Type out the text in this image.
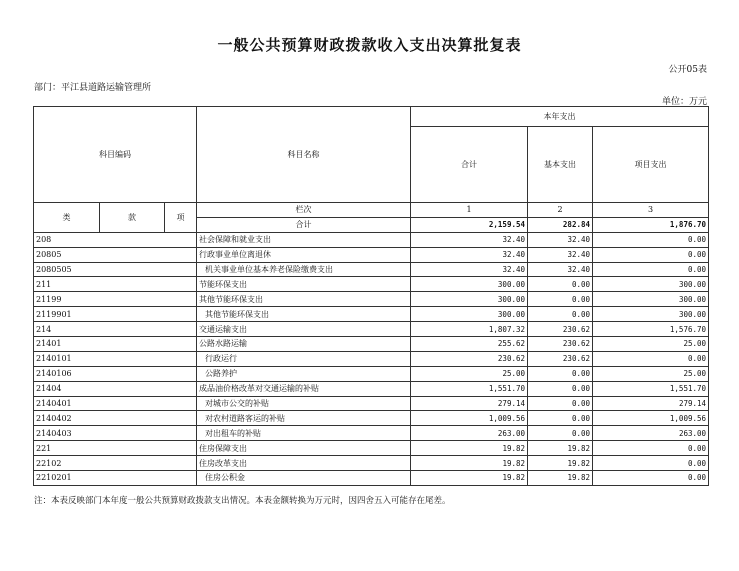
一般公共预算财政拨款收入支出决算批复表
公开05表
部门：平江县道路运输管理所
单位：万元
科目编码			科目名称	本年支出		
				合计	基本支出	项目支出

类	款	项	栏次	1	2	3
			合计	2,159.54	282.84	1,876.70
208			社会保障和就业支出	32.40	32.40	0.00
20805			行政事业单位离退休	32.40	32.40	0.00
2080505			机关事业单位基本养老保险缴费支出	32.40	32.40	0.00
211			节能环保支出	300.00	0.00	300.00
21199			其他节能环保支出	300.00	0.00	300.00
2119901			其他节能环保支出	300.00	0.00	300.00
214			交通运输支出	1,807.32	230.62	1,576.70
21401			公路水路运输	255.62	230.62	25.00
2140101			行政运行	230.62	230.62	0.00
2140106			公路养护	25.00	0.00	25.00
21404			成品油价格改革对交通运输的补贴	1,551.70	0.00	1,551.70
2140401			对城市公交的补贴	279.14	0.00	279.14
2140402			对农村道路客运的补贴	1,009.56	0.00	1,009.56
2140403			对出租车的补贴	263.00	0.00	263.00
221			住房保障支出	19.82	19.82	0.00
22102			住房改革支出	19.82	19.82	0.00
2210201			住房公积金	19.82	19.82	0.00
注：本表反映部门本年度一般公共预算财政拨款支出情况。本表金额转换为万元时，因四舍五入可能存在尾差。
